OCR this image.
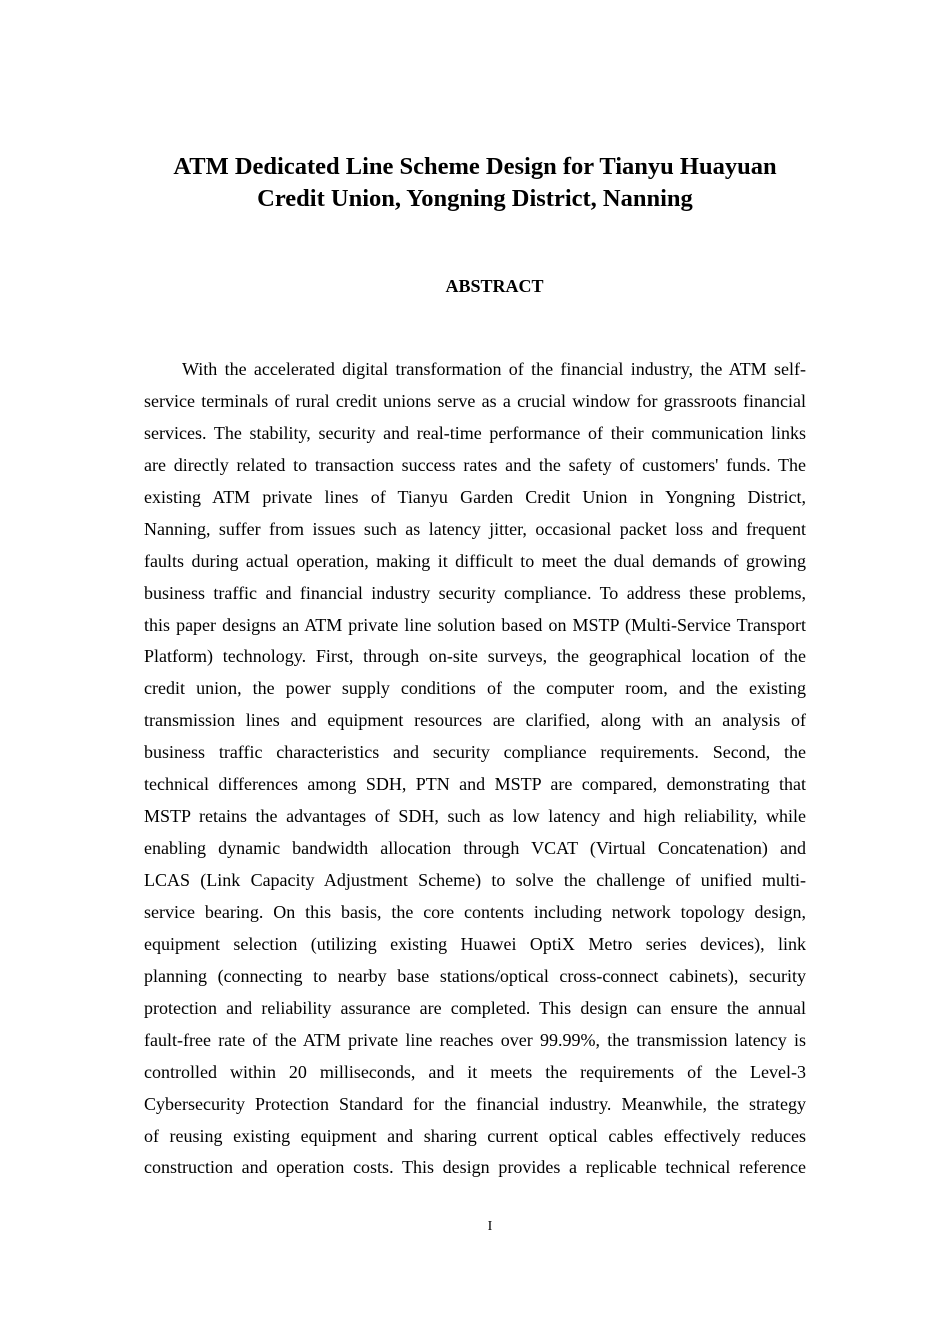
ATM Dedicated Line Scheme Design for Tianyu Huayuan
Credit Union, Yongning District, Nanning
ABSTRACT
With the accelerated digital transformation of the financial industry, the ATM self-
service terminals of rural credit unions serve as a crucial window for grassroots financial
services. The stability, security and real-time performance of their communication links
are directly related to transaction success rates and the safety of customers' funds. The
existing ATM private lines of Tianyu Garden Credit Union in Yongning District,
Nanning, suffer from issues such as latency jitter, occasional packet loss and frequent
faults during actual operation, making it difficult to meet the dual demands of growing
business traffic and financial industry security compliance. To address these problems,
this paper designs an ATM private line solution based on MSTP (Multi-Service Transport
Platform) technology. First, through on-site surveys, the geographical location of the
credit union, the power supply conditions of the computer room, and the existing
transmission lines and equipment resources are clarified, along with an analysis of
business traffic characteristics and security compliance requirements. Second, the
technical differences among SDH, PTN and MSTP are compared, demonstrating that
MSTP retains the advantages of SDH, such as low latency and high reliability, while
enabling dynamic bandwidth allocation through VCAT (Virtual Concatenation) and
LCAS (Link Capacity Adjustment Scheme) to solve the challenge of unified multi-
service bearing. On this basis, the core contents including network topology design,
equipment selection (utilizing existing Huawei OptiX Metro series devices), link
planning (connecting to nearby base stations/optical cross-connect cabinets), security
protection and reliability assurance are completed. This design can ensure the annual
fault-free rate of the ATM private line reaches over 99.99%, the transmission latency is
controlled within 20 milliseconds, and it meets the requirements of the Level-3
Cybersecurity Protection Standard for the financial industry. Meanwhile, the strategy
of reusing existing equipment and sharing current optical cables effectively reduces
construction and operation costs. This design provides a replicable technical reference
I
